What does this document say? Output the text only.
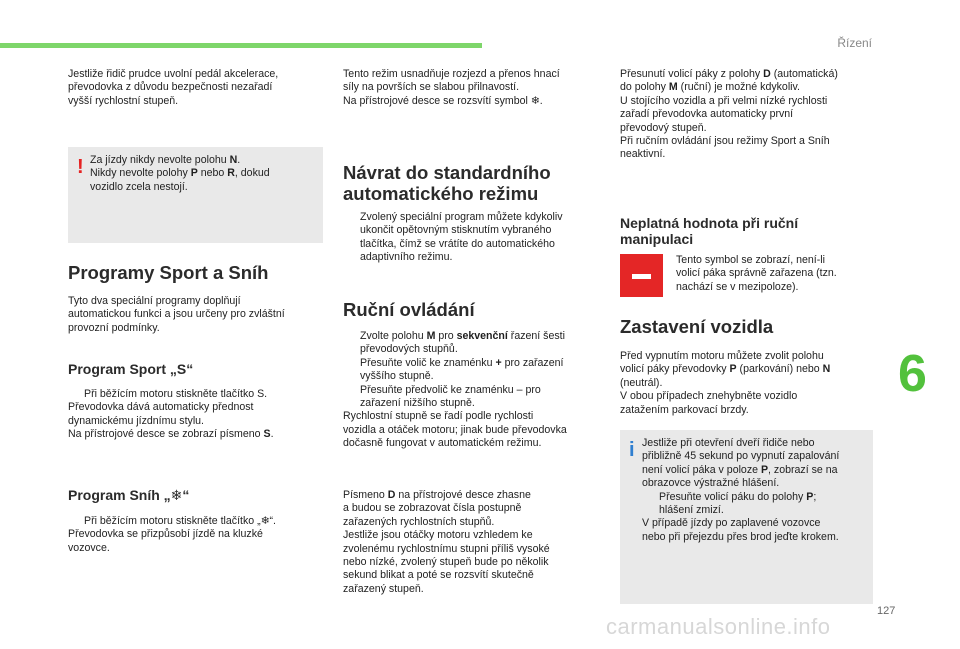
Řízení
6
127
carmanualsonline.info

Jestliže řidič prudce uvolní pedál akcelerace,

převodovka z důvodu bezpečnosti nezařadí

vyšší rychlostní stupeň.

! Za jízdy nikdy nevolte polohu N.

Nikdy nevolte polohy P nebo R, dokud

vozidlo zcela nestojí.

Programy Sport a Sníh

Tyto dva speciální programy doplňují

automatickou funkci a jsou určeny pro zvláštní

provozní podmínky.

Program Sport „S“

Při běžícím motoru stiskněte tlačítko S.

Převodovka dává automaticky přednost

dynamickému jízdnímu stylu.

Na přístrojové desce se zobrazí písmeno S.

Program Sníh „❄“

Při běžícím motoru stiskněte tlačítko „❄“.

Převodovka se přizpůsobí jízdě na kluzké

vozovce.

Tento režim usnadňuje rozjezd a přenos hnací

síly na površích se slabou přilnavostí.

Na přístrojové desce se rozsvítí symbol ❄.

Návrat do standardního
automatického režimu

Zvolený speciální program můžete kdykoliv

ukončit opětovným stisknutím vybraného

tlačítka, čímž se vrátíte do automatického

adaptivního režimu.

Ruční ovládání

Zvolte polohu M pro sekvenční řazení šesti

převodových stupňů.

Přesuňte volič ke znaménku + pro zařazení

vyššího stupně.

Přesuňte předvolič ke znaménku – pro

zařazení nižšího stupně.

Rychlostní stupně se řadí podle rychlosti

vozidla a otáček motoru; jinak bude převodovka

dočasně fungovat v automatickém režimu.

Písmeno D na přístrojové desce zhasne

a budou se zobrazovat čísla postupně

zařazených rychlostních stupňů.

Jestliže jsou otáčky motoru vzhledem ke

zvolenému rychlostnímu stupni příliš vysoké

nebo nízké, zvolený stupeň bude po několik

sekund blikat a poté se rozsvítí skutečně

zařazený stupeň.

Přesunutí volicí páky z polohy D (automatická)

do polohy M (ruční) je možné kdykoliv.

U stojícího vozidla a při velmi nízké rychlosti

zařadí převodovka automaticky první

převodový stupeň.

Při ručním ovládání jsou režimy Sport a Sníh

neaktivní.

Neplatná hodnota při ruční
manipulaci

Tento symbol se zobrazí, není-li

volicí páka správně zařazena (tzn.

nachází se v mezipoloze).

Zastavení vozidla

Před vypnutím motoru můžete zvolit polohu

volicí páky převodovky P (parkování) nebo N

(neutrál).

V obou případech znehybněte vozidlo

zatažením parkovací brzdy.

i Jestliže při otevření dveří řidiče nebo

přibližně 45 sekund po vypnutí zapalování

není volicí páka v poloze P, zobrazí se na

obrazovce výstražné hlášení.

Přesuňte volicí páku do polohy P;

hlášení zmizí.

V případě jízdy po zaplavené vozovce

nebo při přejezdu přes brod jeďte krokem.
